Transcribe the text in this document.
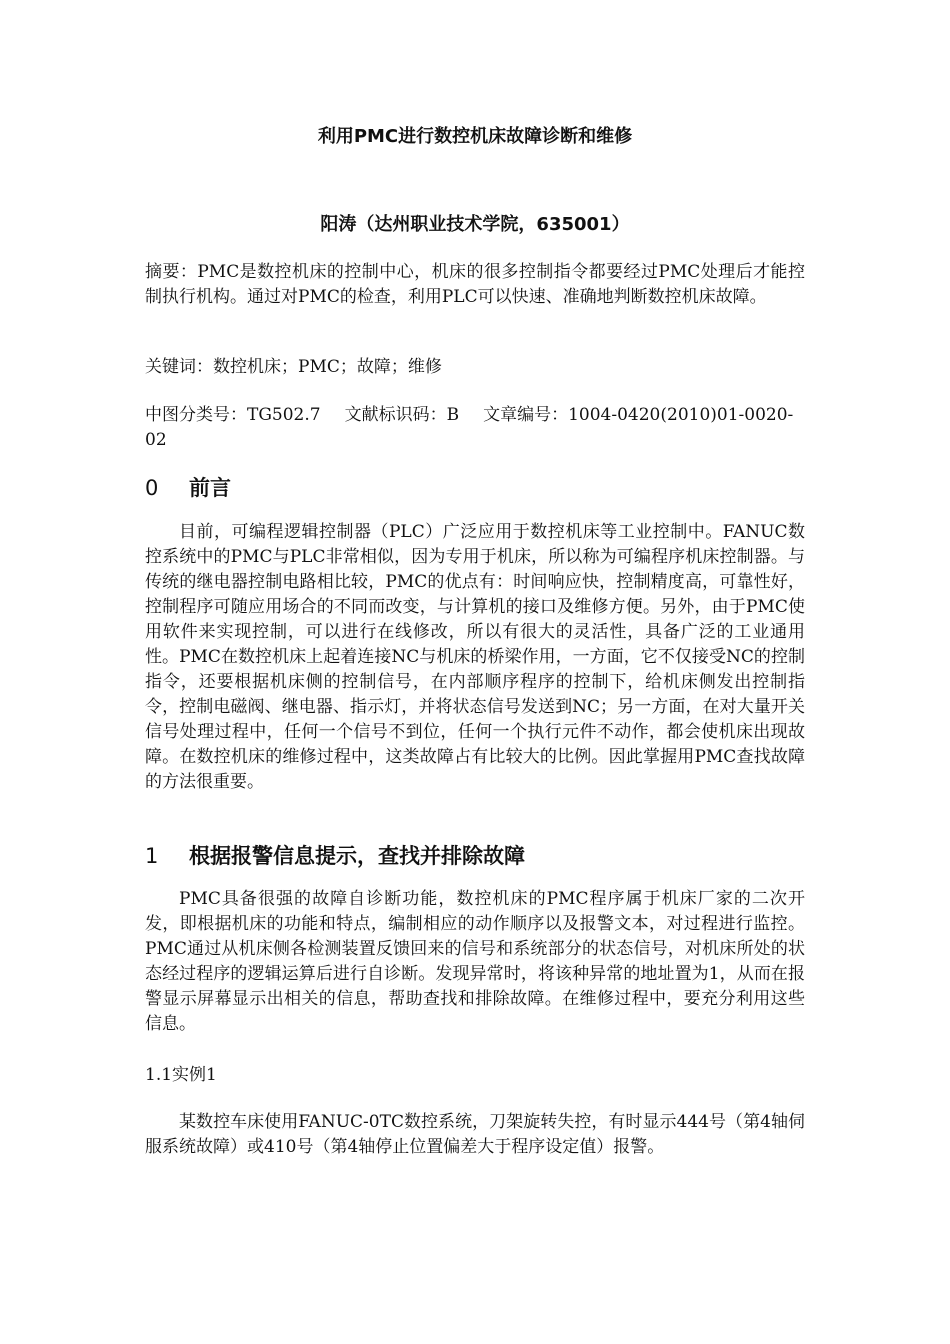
利用PMC进行数控机床故障诊断和维修
阳涛（达州职业技术学院，635001）

摘要：PMC是数控机床的控制中心，机床的很多控制指令都要经过PMC处理后才能控制执行机构。通过对PMC的检查，利用PLC可以快速、准确地判断数控机床故障。

关键词：数控机床；PMC；故障；维修

中图分类号：TG502.7 文献标识码：B 文章编号：1004-0420(2010)01-0020-02

0 前言

目前，可编程逻辑控制器（PLC）广泛应用于数控机床等工业控制中。FANUC数控系统中的PMC与PLC非常相似，因为专用于机床，所以称为可编程序机床控制器。与传统的继电器控制电路相比较，PMC的优点有：时间响应快，控制精度高，可靠性好，控制程序可随应用场合的不同而改变，与计算机的接口及维修方便。另外，由于PMC使用软件来实现控制，可以进行在线修改，所以有很大的灵活性，具备广泛的工业通用性。PMC在数控机床上起着连接NC与机床的桥梁作用，一方面，它不仅接受NC的控制指令，还要根据机床侧的控制信号，在内部顺序程序的控制下，给机床侧发出控制指令，控制电磁阀、继电器、指示灯，并将状态信号发送到NC；另一方面，在对大量开关信号处理过程中，任何一个信号不到位，任何一个执行元件不动作，都会使机床出现故障。在数控机床的维修过程中，这类故障占有比较大的比例。因此掌握用PMC查找故障的方法很重要。

1 根据报警信息提示，查找并排除故障

PMC具备很强的故障自诊断功能，数控机床的PMC程序属于机床厂家的二次开发，即根据机床的功能和特点，编制相应的动作顺序以及报警文本，对过程进行监控。PMC通过从机床侧各检测装置反馈回来的信号和系统部分的状态信号，对机床所处的状态经过程序的逻辑运算后进行自诊断。发现异常时，将该种异常的地址置为1，从而在报警显示屏幕显示出相关的信息，帮助查找和排除故障。在维修过程中，要充分利用这些信息。

1.1实例1

某数控车床使用FANUC-0TC数控系统，刀架旋转失控，有时显示444号（第4轴伺服系统故障）或410号（第4轴停止位置偏差大于程序设定值）报警。
